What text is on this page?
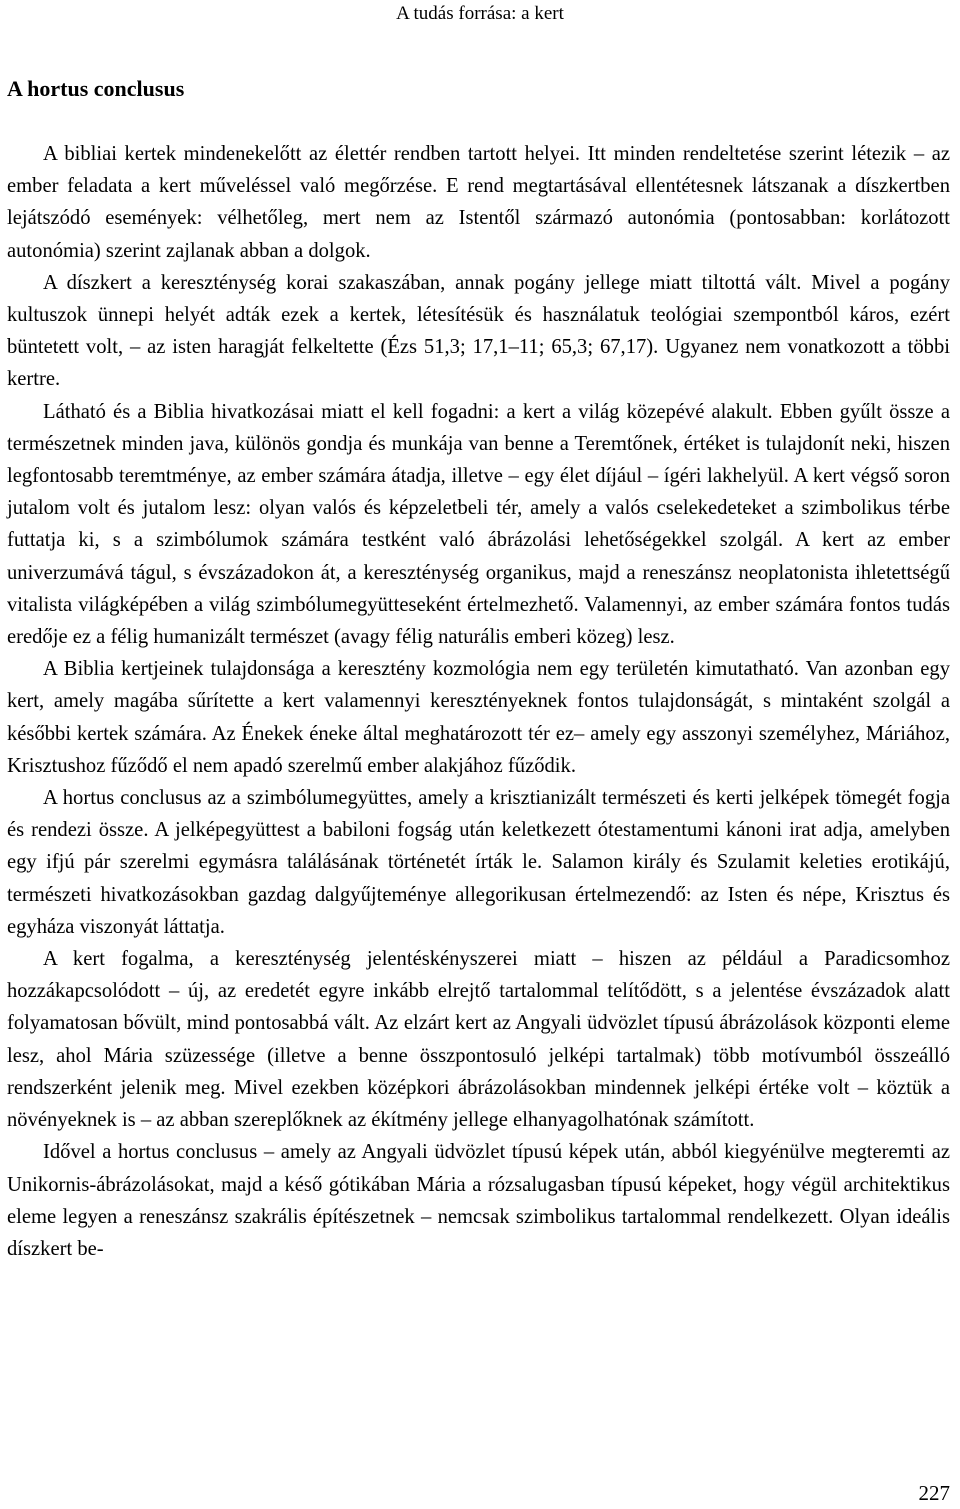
A tudás forrása: a kert
A hortus conclusus

A bibliai kertek mindenekelőtt az élettér rendben tartott helyei. Itt minden rendeltetése szerint létezik – az ember feladata a kert műveléssel való megőrzése. E rend megtartásával ellentétesnek látszanak a díszkertben lejátszódó események: vélhetőleg, mert nem az Istentől származó autonómia (pontosabban: korlátozott autonómia) szerint zajlanak abban a dolgok.

A díszkert a kereszténység korai szakaszában, annak pogány jellege miatt tiltottá vált. Mivel a pogány kultuszok ünnepi helyét adták ezek a kertek, létesítésük és használatuk teológiai szempontból káros, ezért büntetett volt, – az isten haragját felkeltette (Ézs 51,3; 17,1–11; 65,3; 67,17). Ugyanez nem vonatkozott a többi kertre.

Látható és a Biblia hivatkozásai miatt el kell fogadni: a kert a világ közepévé alakult. Ebben gyűlt össze a természetnek minden java, különös gondja és munkája van benne a Teremtőnek, értéket is tulajdonít neki, hiszen legfontosabb teremtménye, az ember számára átadja, illetve – egy élet díjául – ígéri lakhelyül. A kert végső soron jutalom volt és jutalom lesz: olyan valós és képzeletbeli tér, amely a valós cselekedeteket a szimbolikus térbe futtatja ki, s a szimbólumok számára testként való ábrázolási lehetőségekkel szolgál. A kert az ember univerzumává tágul, s évszázadokon át, a kereszténység organikus, majd a reneszánsz neoplatonista ihletettségű vitalista világképében a világ szimbólumegyütteseként értelmezhető. Valamennyi, az ember számára fontos tudás eredője ez a félig humanizált természet (avagy félig naturális emberi közeg) lesz.

A Biblia kertjeinek tulajdonsága a keresztény kozmológia nem egy területén kimutatható. Van azonban egy kert, amely magába sűrítette a kert valamennyi keresztényeknek fontos tulajdonságát, s mintaként szolgál a későbbi kertek számára. Az Énekek éneke által meghatározott tér ez– amely egy asszonyi személyhez, Máriához, Krisztushoz fűződő el nem apadó szerelmű ember alakjához fűződik.

A hortus conclusus az a szimbólumegyüttes, amely a krisztianizált természeti és kerti jelképek tömegét fogja és rendezi össze. A jelképegyüttest a babiloni fogság után keletkezett ótestamentumi kánoni irat adja, amelyben egy ifjú pár szerelmi egymásra találásának történetét írták le. Salamon király és Szulamit keleties erotikájú, természeti hivatkozásokban gazdag dalgyűjteménye allegorikusan értelmezendő: az Isten és népe, Krisztus és egyháza viszonyát láttatja.

A kert fogalma, a kereszténység jelentéskényszerei miatt – hiszen az például a Paradicsomhoz hozzákapcsolódott – új, az eredetét egyre inkább elrejtő tartalommal telítődött, s a jelentése évszázadok alatt folyamatosan bővült, mind pontosabbá vált. Az elzárt kert az Angyali üdvözlet típusú ábrázolások központi eleme lesz, ahol Mária szüzessége (illetve a benne összpontosuló jelképi tartalmak) több motívumból összeálló rendszerként jelenik meg. Mivel ezekben középkori ábrázolásokban mindennek jelképi értéke volt – köztük a növényeknek is – az abban szereplőknek az ékítmény jellege elhanyagolhatónak számított.

Idővel a hortus conclusus – amely az Angyali üdvözlet típusú képek után, abból kiegyénülve megteremti az Unikornis-ábrázolásokat, majd a késő gótikában Mária a rózsalugasban típusú képeket, hogy végül architektikus eleme legyen a reneszánsz szakrális építészetnek – nemcsak szimbolikus tartalommal rendelkezett. Olyan ideális díszkert be-

227
